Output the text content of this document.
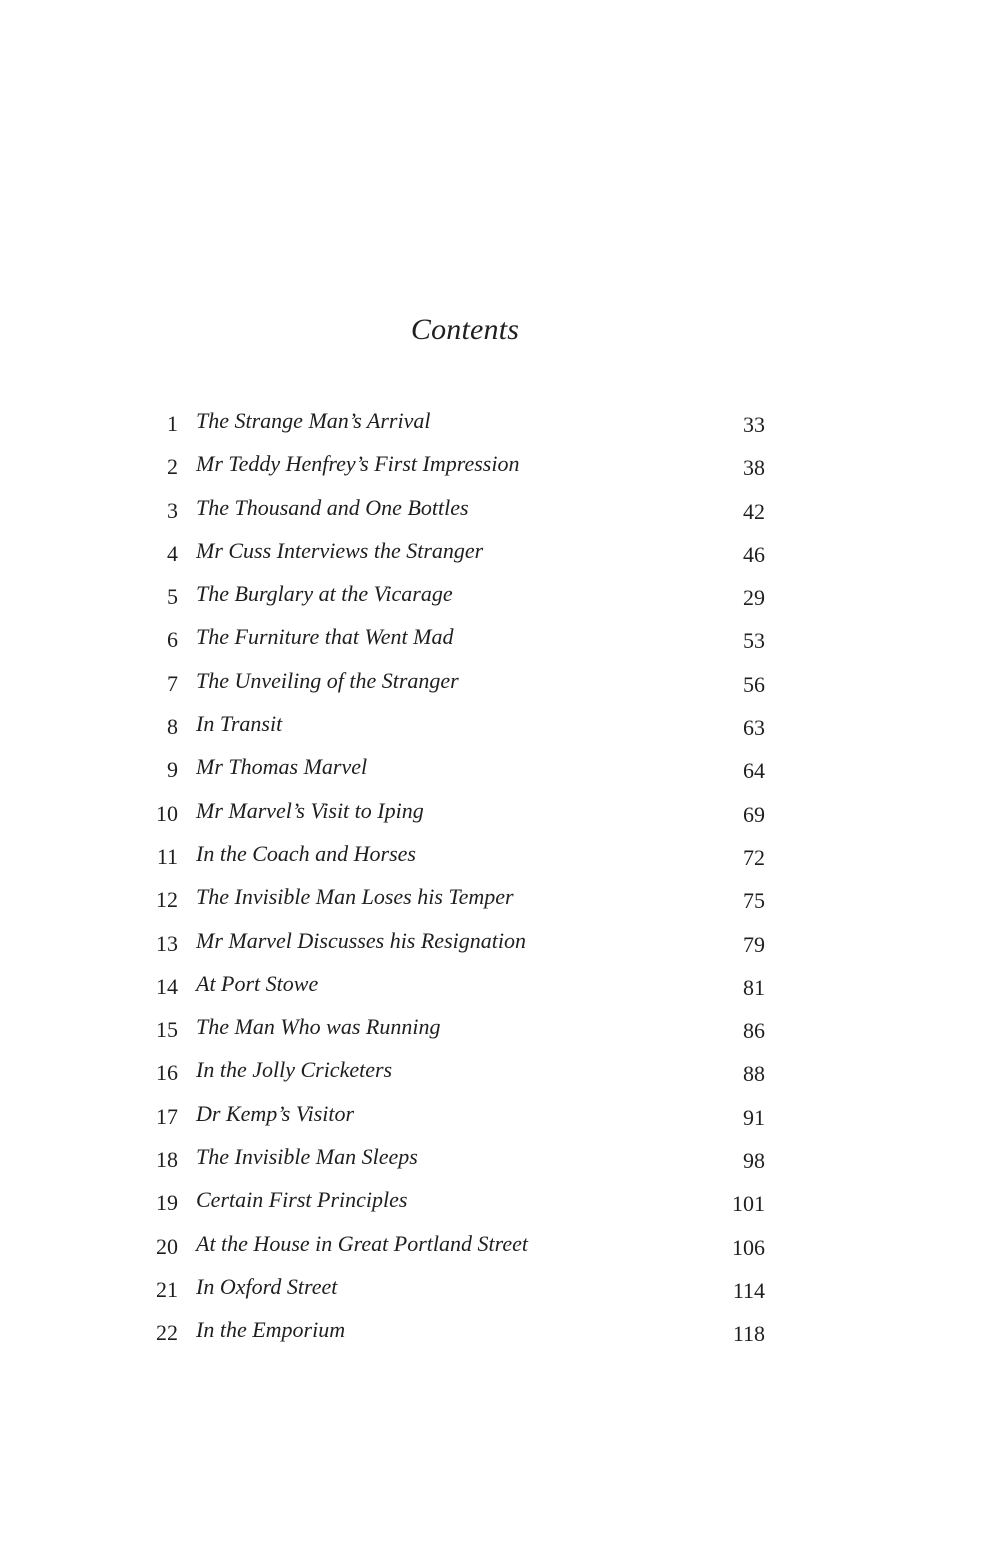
Contents
1 The Strange Man’s Arrival	33
2 Mr Teddy Henfrey’s First Impression	38
3 The Thousand and One Bottles	42
4 Mr Cuss Interviews the Stranger	46
5 The Burglary at the Vicarage	29
6 The Furniture that Went Mad	53
7 The Unveiling of the Stranger	56
8 In Transit	63
9 Mr Thomas Marvel	64
10 Mr Marvel’s Visit to Iping	69
11 In the Coach and Horses	72
12 The Invisible Man Loses his Temper	75
13 Mr Marvel Discusses his Resignation	79
14 At Port Stowe	81
15 The Man Who was Running	86
16 In the Jolly Cricketers	88
17 Dr Kemp’s Visitor	91
18 The Invisible Man Sleeps	98
19 Certain First Principles	101
20 At the House in Great Portland Street	106
21 In Oxford Street	114
22 In the Emporium	118
